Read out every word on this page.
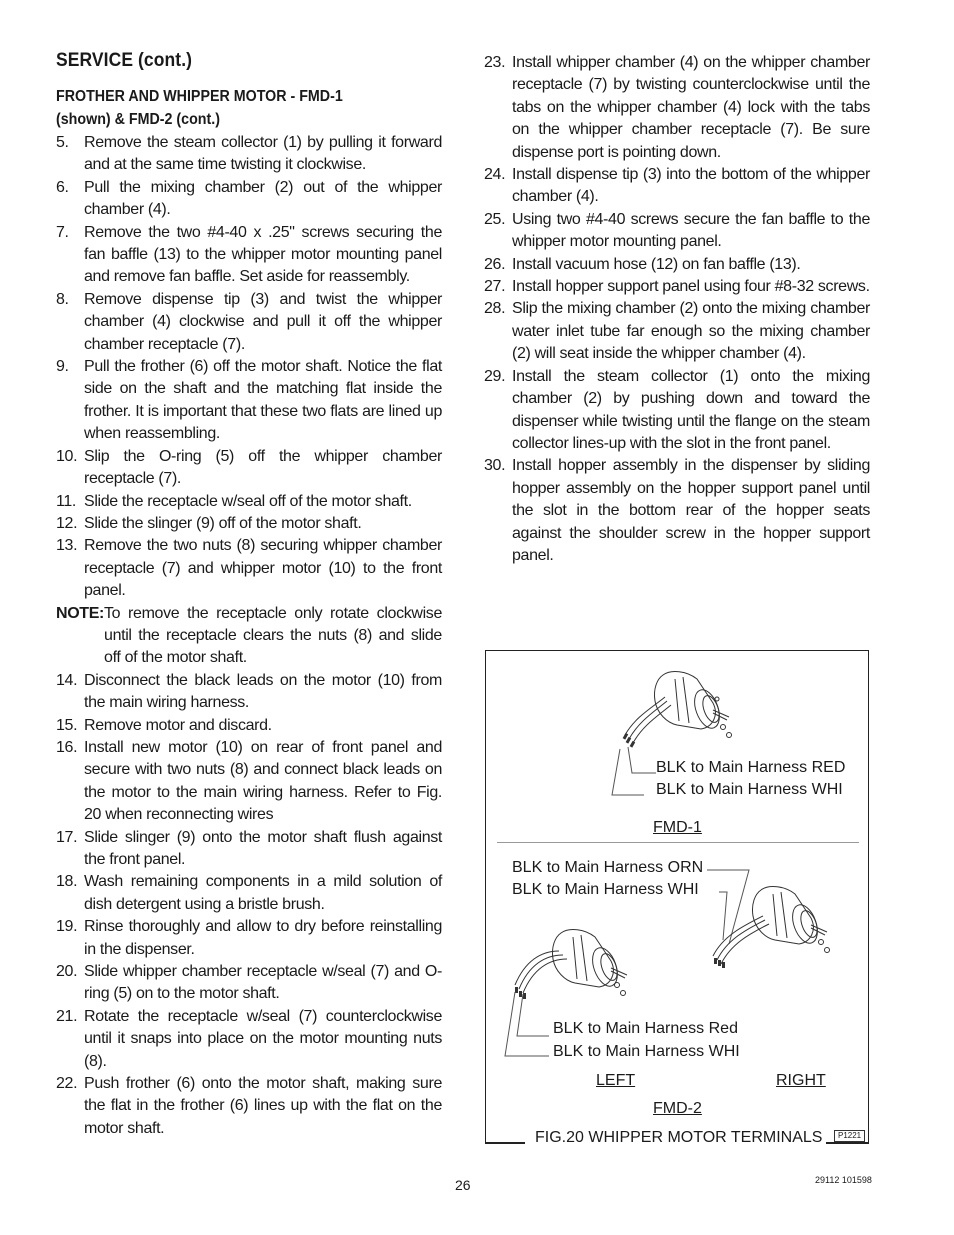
SERVICE (cont.)
FROTHER AND WHIPPER MOTOR - FMD-1
(shown) & FMD-2 (cont.)
5. Remove the steam collector (1) by pulling it forward and at the same time twisting it clockwise.
6. Pull the mixing chamber (2) out of the whipper chamber (4).
7. Remove the two #4-40 x .25" screws securing the fan baffle (13) to the whipper motor mounting panel and remove fan baffle. Set aside for reassembly.
8. Remove dispense tip (3) and twist the whipper chamber (4) clockwise and pull it off the whipper chamber receptacle (7).
9. Pull the frother (6) off the motor shaft. Notice the flat side on the shaft and the matching flat inside the frother. It is important that these two flats are lined up when reassembling.
10. Slip the O-ring (5) off the whipper chamber receptacle (7).
11. Slide the receptacle w/seal off of the motor shaft.
12. Slide the slinger (9) off of the motor shaft.
13. Remove the two nuts (8) securing whipper chamber receptacle (7) and whipper motor (10) to the front panel.
NOTE: To remove the receptacle only rotate clockwise until the receptacle clears the nuts (8) and slide off of the motor shaft.
14. Disconnect the black leads on the motor (10) from the main wiring harness.
15. Remove motor and discard.
16. Install new motor (10) on rear of front panel and secure with two nuts (8) and connect black leads on the motor to the main wiring harness. Refer to Fig. 20 when reconnecting wires
17. Slide slinger (9) onto the motor shaft flush against the front panel.
18. Wash remaining components in a mild solution of dish detergent using a bristle brush.
19. Rinse thoroughly and allow to dry before reinstalling in the dispenser.
20. Slide whipper chamber receptacle w/seal (7) and O-ring (5) on to the motor shaft.
21. Rotate the receptacle w/seal (7) counterclockwise until it snaps into place on the motor mounting nuts (8).
22. Push frother (6) onto the motor shaft, making sure the flat in the frother (6) lines up with the flat on the motor shaft.
23. Install whipper chamber (4) on the whipper chamber receptacle (7) by twisting counterclockwise until the tabs on the whipper chamber (4) lock with the tabs on the whipper chamber receptacle (7). Be sure dispense port is pointing down.
24. Install dispense tip (3) into the bottom of the whipper chamber (4).
25. Using two #4-40 screws secure the fan baffle to the whipper motor mounting panel.
26. Install vacuum hose (12) on fan baffle (13).
27. Install hopper support panel using four #8-32 screws.
28. Slip the mixing chamber (2) onto the mixing chamber water inlet tube far enough so the mixing chamber (2) will seat inside the whipper chamber (4).
29. Install the steam collector (1) onto the mixing chamber (2) by pushing down and toward the dispenser while twisting until the flange on the steam collector lines-up with the slot in the front panel.
30. Install hopper assembly in the dispenser by sliding hopper assembly on the hopper support panel until the slot in the bottom rear of the hopper seats against the shoulder screw in the hopper support panel.
BLK to Main Harness RED
BLK to Main Harness WHI
FMD-1
BLK to Main Harness ORN
BLK to Main Harness WHI
BLK to Main Harness Red
BLK to Main Harness WHI
LEFT	RIGHT
FMD-2
FIG.20 WHIPPER MOTOR TERMINALS	P1221
26	29112 101598
